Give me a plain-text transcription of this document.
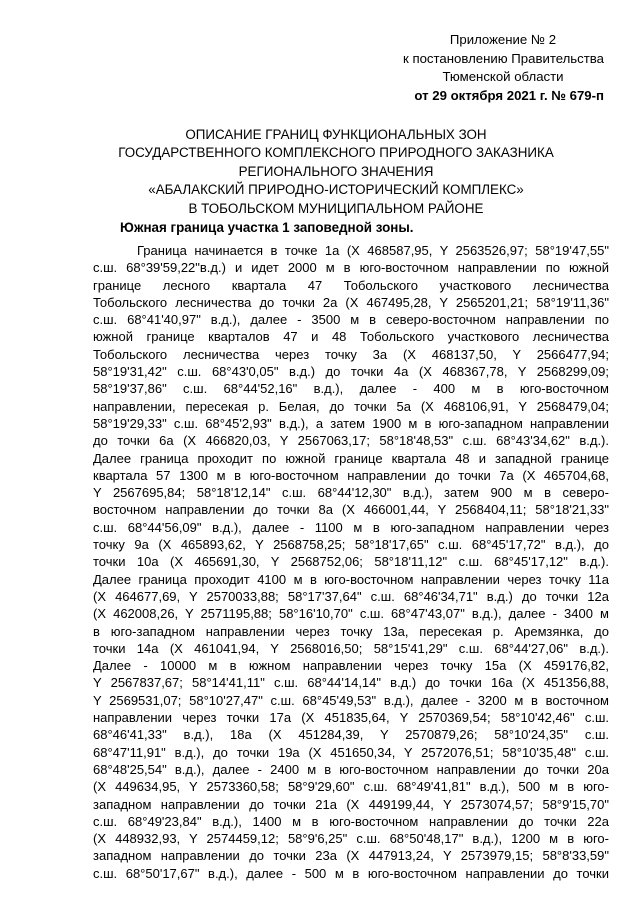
Приложение № 2
к постановлению Правительства
Тюменской области
от 29 октября 2021 г. № 679-п
ОПИСАНИЕ ГРАНИЦ ФУНКЦИОНАЛЬНЫХ ЗОН
ГОСУДАРСТВЕННОГО КОМПЛЕКСНОГО ПРИРОДНОГО ЗАКАЗНИКА
РЕГИОНАЛЬНОГО ЗНАЧЕНИЯ
«АБАЛАКСКИЙ ПРИРОДНО-ИСТОРИЧЕСКИЙ КОМПЛЕКС»
В ТОБОЛЬСКОМ МУНИЦИПАЛЬНОМ РАЙОНЕ
Южная граница участка 1 заповедной зоны.
Граница начинается в точке 1а (X 468587,95, Y 2563526,97; 58°19'47,55"
с.ш. 68°39'59,22"в.д.) и идет 2000 м в юго-восточном направлении по южной
границе лесного квартала 47 Тобольского участкового лесничества
Тобольского лесничества до точки 2а (X 467495,28, Y 2565201,21; 58°19'11,36"
с.ш. 68°41'40,97" в.д.), далее - 3500 м в северо-восточном направлении по
южной границе кварталов 47 и 48 Тобольского участкового лесничества
Тобольского лесничества через точку 3а (X 468137,50, Y 2566477,94;
58°19'31,42" с.ш. 68°43'0,05" в.д.) до точки 4а (X 468367,78, Y 2568299,09;
58°19'37,86" с.ш. 68°44'52,16" в.д.), далее - 400 м в юго-восточном
направлении, пересекая р. Белая, до точки 5а (X 468106,91, Y 2568479,04;
58°19'29,33" с.ш. 68°45'2,93" в.д.), а затем 1900 м в юго-западном направлении
до точки 6а (X 466820,03, Y 2567063,17; 58°18'48,53" с.ш. 68°43'34,62" в.д.).
Далее граница проходит по южной границе квартала 48 и западной границе
квартала 57 1300 м в юго-восточном направлении до точки 7а (X 465704,68,
Y 2567695,84; 58°18'12,14" с.ш. 68°44'12,30" в.д.), затем 900 м в северо-
восточном направлении до точки 8а (X 466001,44, Y 2568404,11; 58°18'21,33"
с.ш. 68°44'56,09" в.д.), далее - 1100 м в юго-западном направлении через
точку 9а (X 465893,62, Y 2568758,25; 58°18'17,65" с.ш. 68°45'17,72" в.д.), до
точки 10а (X 465691,30, Y 2568752,06; 58°18'11,12" с.ш. 68°45'17,12" в.д.).
Далее граница проходит 4100 м в юго-восточном направлении через точку 11а
(X 464677,69, Y 2570033,88; 58°17'37,64" с.ш. 68°46'34,71" в.д.) до точки 12а
(X 462008,26, Y 2571195,88; 58°16'10,70" с.ш. 68°47'43,07" в.д.), далее - 3400 м
в юго-западном направлении через точку 13а, пересекая р. Аремзянка, до
точки 14а (X 461041,94, Y 2568016,50; 58°15'41,29" с.ш. 68°44'27,06" в.д.).
Далее - 10000 м в южном направлении через точку 15а (X 459176,82,
Y 2567837,67; 58°14'41,11" с.ш. 68°44'14,14" в.д.) до точки 16а (X 451356,88,
Y 2569531,07; 58°10'27,47" с.ш. 68°45'49,53" в.д.), далее - 3200 м в восточном
направлении через точки 17а (X 451835,64, Y 2570369,54; 58°10'42,46" с.ш.
68°46'41,33" в.д.), 18а (X 451284,39, Y 2570879,26; 58°10'24,35" с.ш.
68°47'11,91" в.д.), до точки 19а (X 451650,34, Y 2572076,51; 58°10'35,48" с.ш.
68°48'25,54" в.д.), далее - 2400 м в юго-восточном направлении до точки 20а
(X 449634,95, Y 2573360,58; 58°9'29,60" с.ш. 68°49'41,81" в.д.), 500 м в юго-
западном направлении до точки 21а (X 449199,44, Y 2573074,57; 58°9'15,70"
с.ш. 68°49'23,84" в.д.), 1400 м в юго-восточном направлении до точки 22а
(X 448932,93, Y 2574459,12; 58°9'6,25" с.ш. 68°50'48,17" в.д.), 1200 м в юго-
западном направлении до точки 23а (X 447913,24, Y 2573979,15; 58°8'33,59"
с.ш. 68°50'17,67" в.д.), далее - 500 м в юго-восточном направлении до точки
